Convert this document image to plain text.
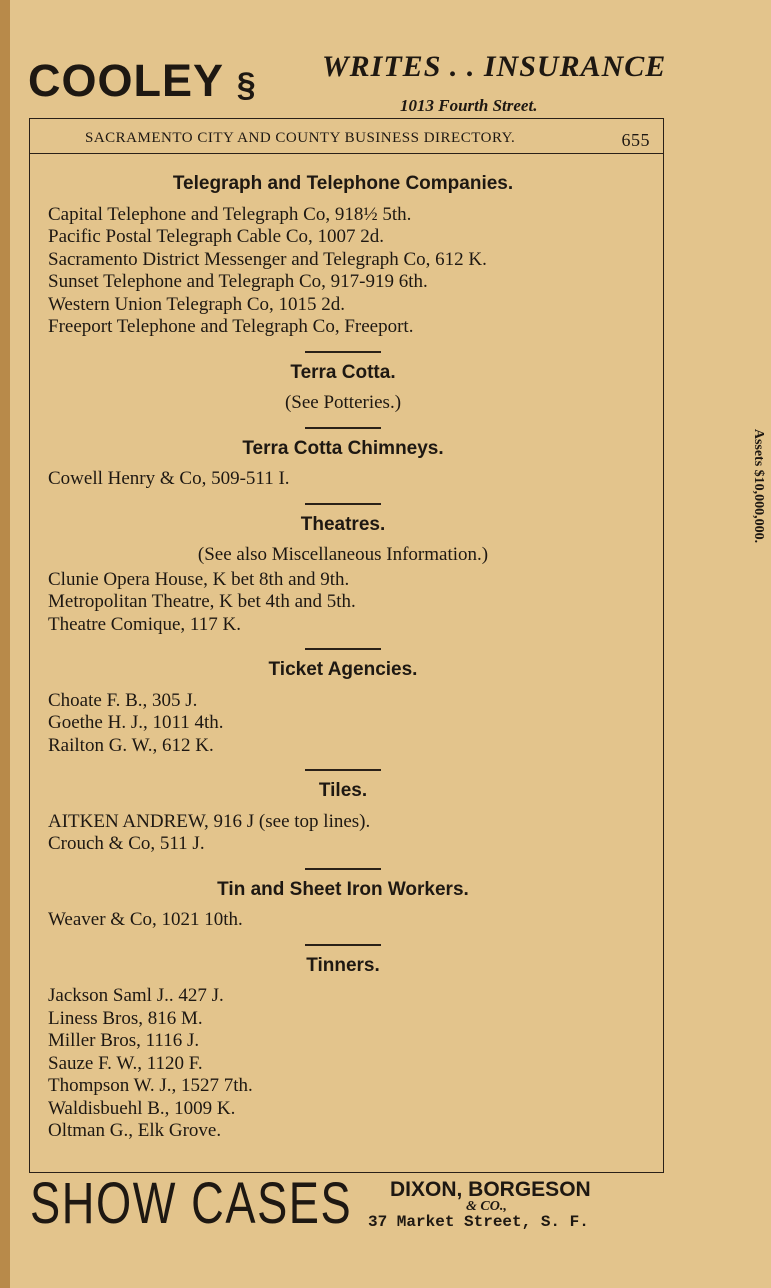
COOLEY § WRITES . . INSURANCE
1013 Fourth Street.
SACRAMENTO CITY AND COUNTY BUSINESS DIRECTORY.	655
Telegraph and Telephone Companies.
Capital Telephone and Telegraph Co, 918½ 5th.
Pacific Postal Telegraph Cable Co, 1007 2d.
Sacramento District Messenger and Telegraph Co, 612 K.
Sunset Telephone and Telegraph Co, 917-919 6th.
Western Union Telegraph Co, 1015 2d.
Freeport Telephone and Telegraph Co, Freeport.
Terra Cotta.
(See Potteries.)
Terra Cotta Chimneys.
Cowell Henry & Co, 509-511 I.
Theatres.
(See also Miscellaneous Information.)
Clunie Opera House, K bet 8th and 9th.
Metropolitan Theatre, K bet 4th and 5th.
Theatre Comique, 117 K.
Ticket Agencies.
Choate F. B., 305 J.
Goethe H. J., 1011 4th.
Railton G. W., 612 K.
Tiles.
AITKEN ANDREW, 916 J (see top lines).
Crouch & Co, 511 J.
Tin and Sheet Iron Workers.
Weaver & Co, 1021 10th.
Tinners.
Jackson Saml J.. 427 J.
Liness Bros, 816 M.
Miller Bros, 1116 J.
Sauze F. W., 1120 F.
Thompson W. J., 1527 7th.
Waldisbuehl B., 1009 K.
Oltman G., Elk Grove.
Assets $10,000,000.
SHOW CASES DIXON, BORGESON
& CO.,
37 Market Street, S. F.
